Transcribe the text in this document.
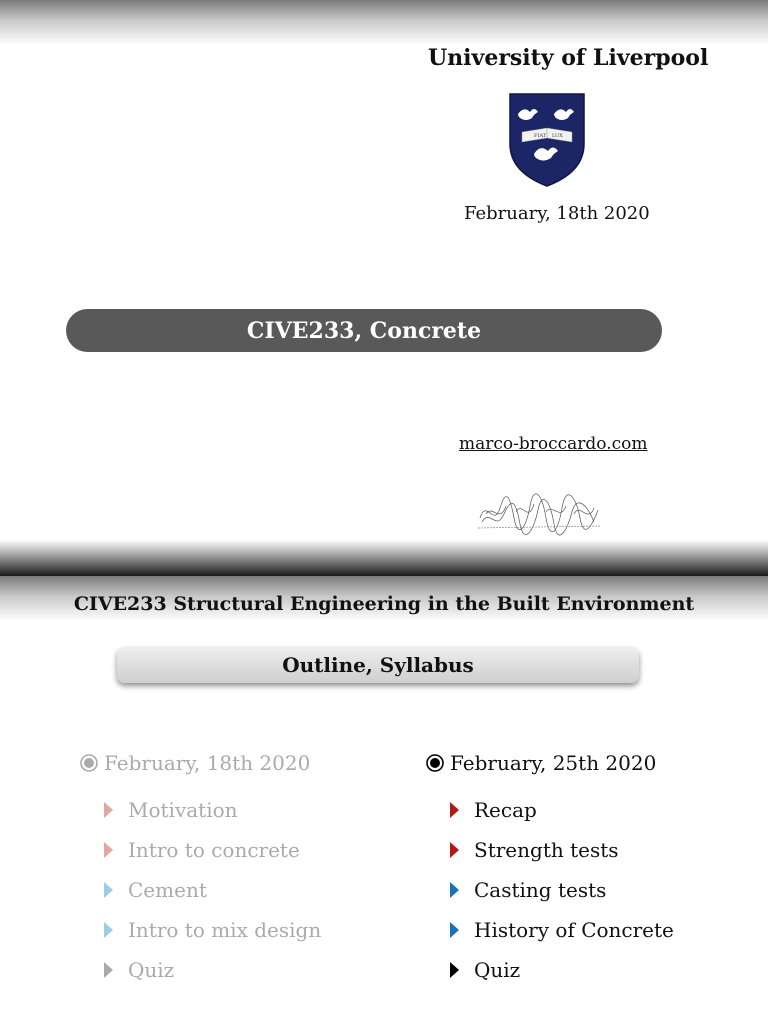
University of Liverpool
FIAT LUX
February, 18th 2020
CIVE233, Concrete
marco-broccardo.com
CIVE233 Structural Engineering in the Built Environment
Outline, Syllabus
February, 18th 2020
Motivation
Intro to concrete
Cement
Intro to mix design
Quiz
February, 25th 2020
Recap
Strength tests
Casting tests
History of Concrete
Quiz
